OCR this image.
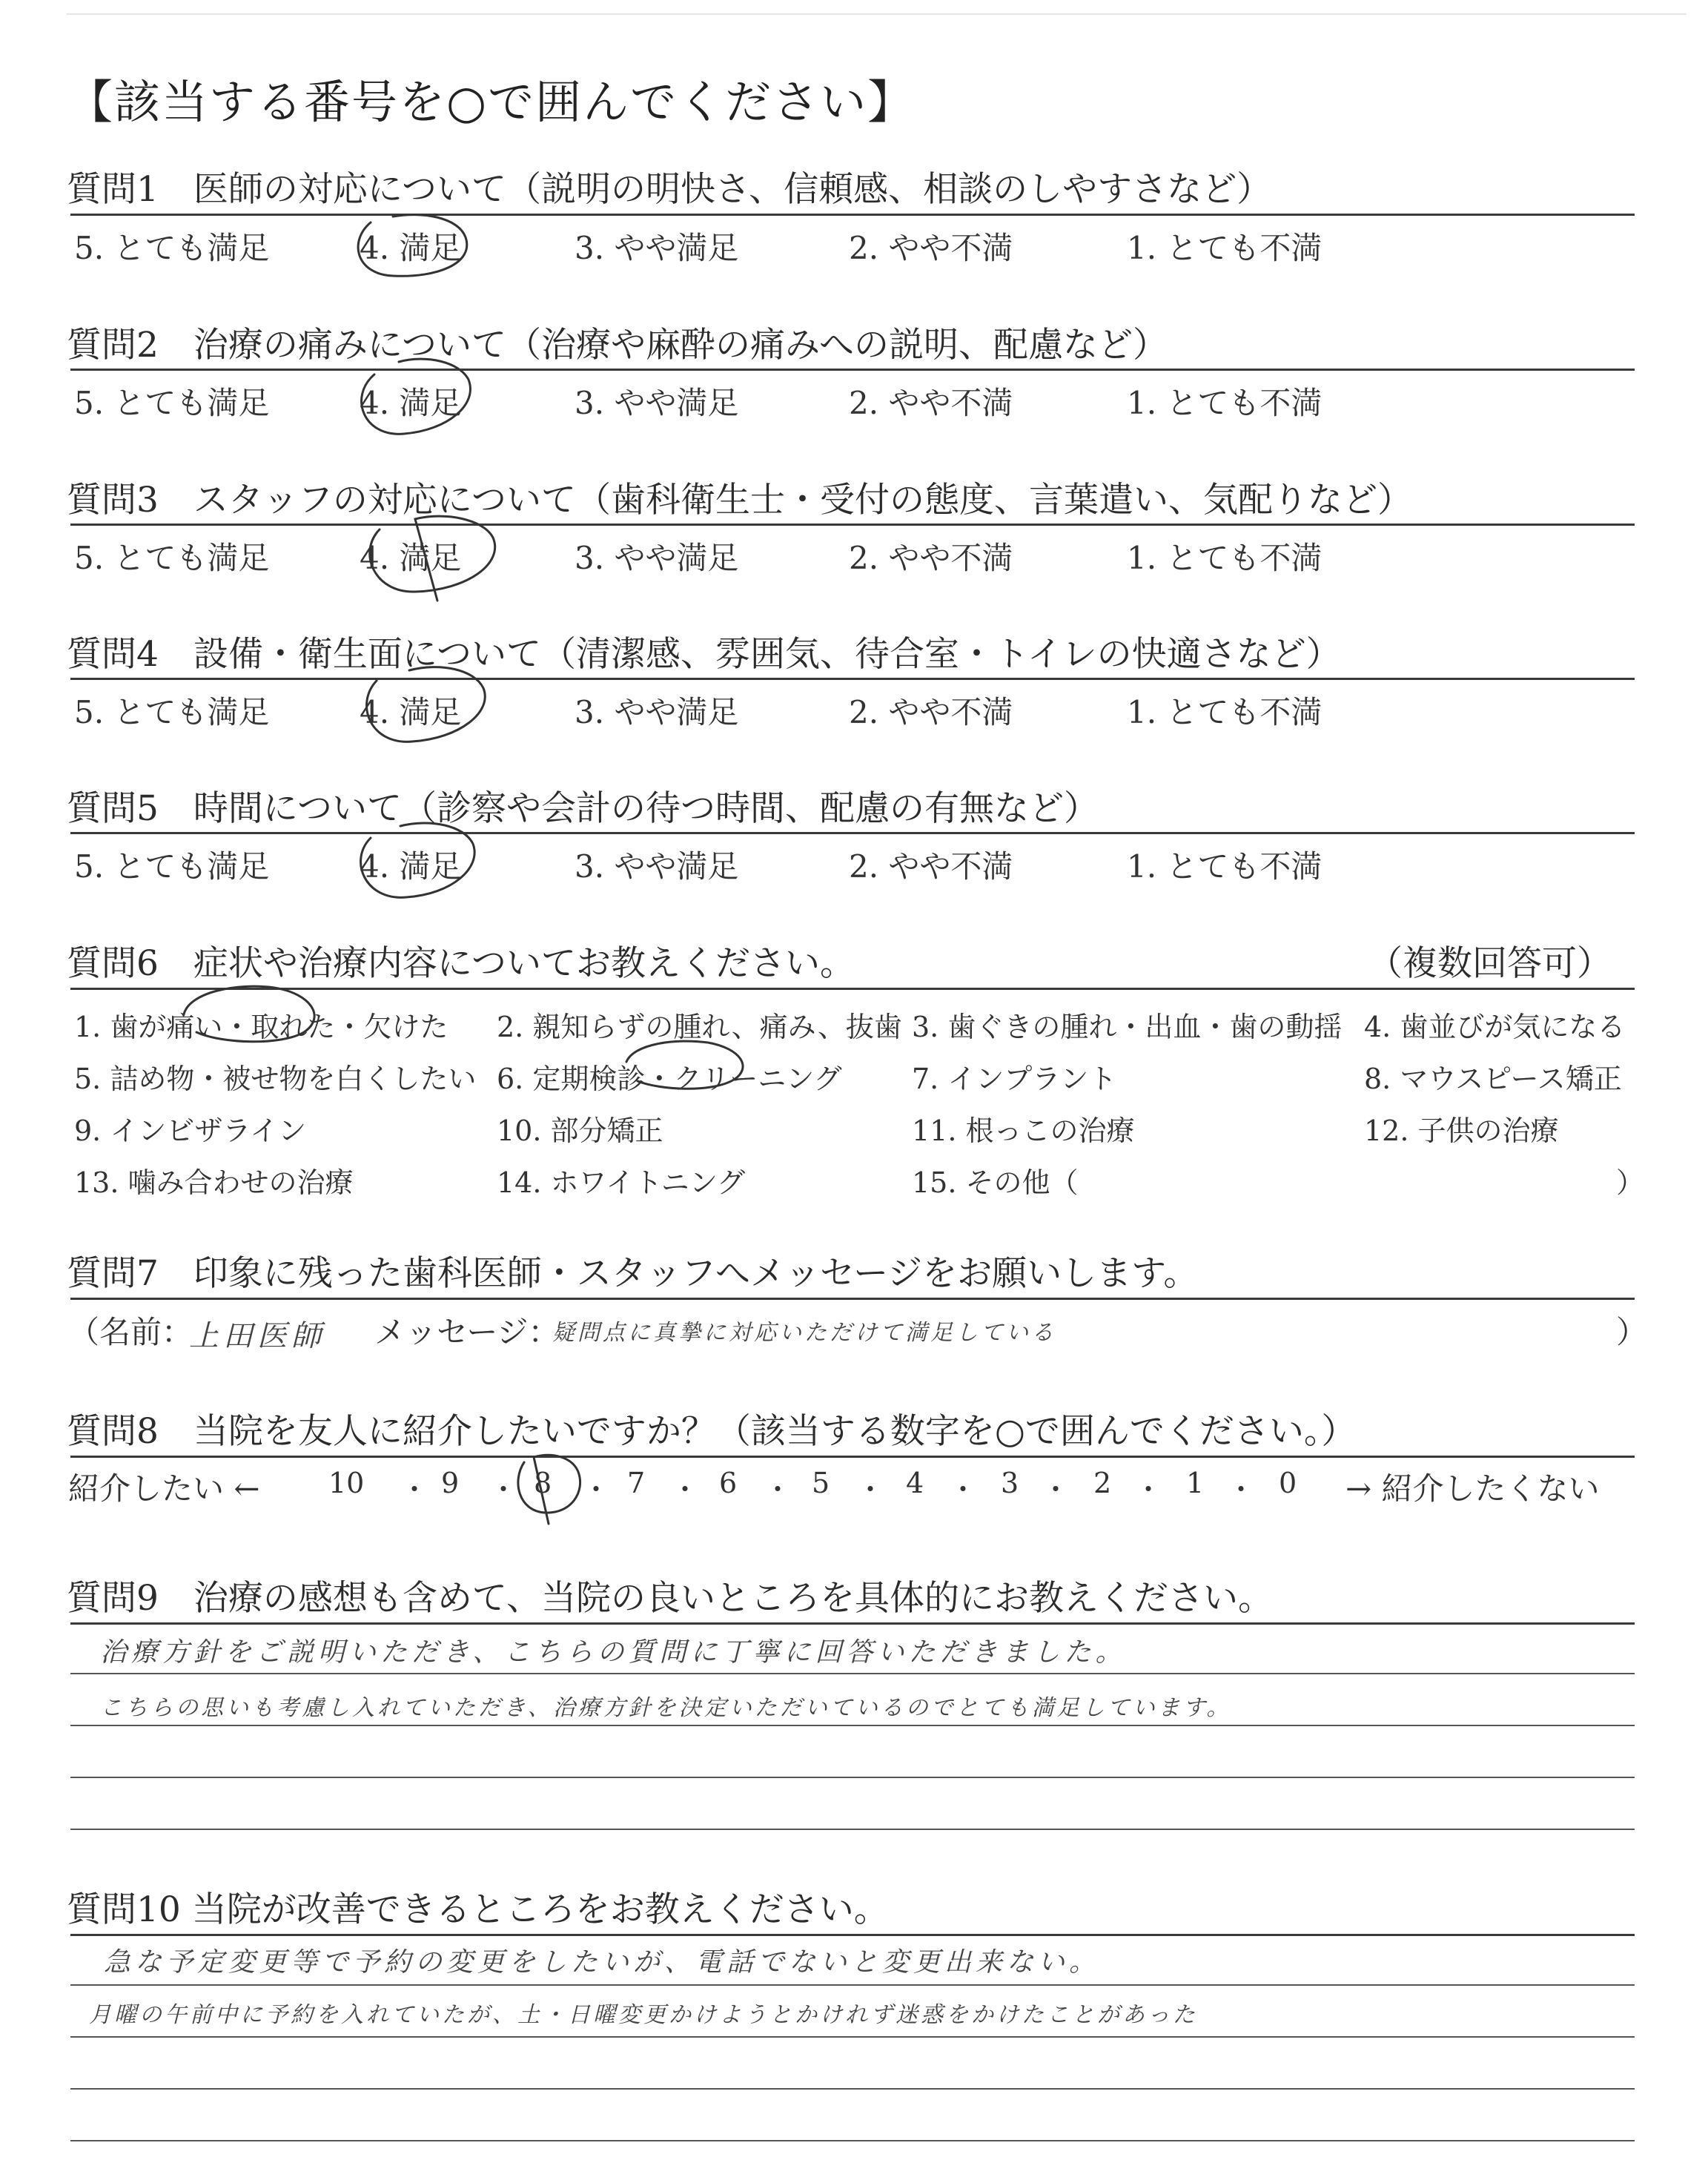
【該当する番号を○で囲んでください】
質問1　医師の対応について（説明の明快さ、信頼感、相談のしやすさなど）
5. とても満足	4. 満足	3. やや満足	2. やや不満	1. とても不満
質問2　治療の痛みについて（治療や麻酔の痛みへの説明、配慮など）
5. とても満足	4. 満足	3. やや満足	2. やや不満	1. とても不満
質問3　スタッフの対応について（歯科衛生士・受付の態度、言葉遣い、気配りなど）
5. とても満足	4. 満足	3. やや満足	2. やや不満	1. とても不満
質問4　設備・衛生面について（清潔感、雰囲気、待合室・トイレの快適さなど）
5. とても満足	4. 満足	3. やや満足	2. やや不満	1. とても不満
質問5　時間について（診察や会計の待つ時間、配慮の有無など）
5. とても満足	4. 満足	3. やや満足	2. やや不満	1. とても不満
質問6　症状や治療内容についてお教えください。	（複数回答可）
1. 歯が痛い・取れた・欠けた 2. 親知らずの腫れ、痛み、抜歯 3. 歯ぐきの腫れ・出血・歯の動揺 4. 歯並びが気になる
5. 詰め物・被せ物を白くしたい 6. 定期検診・クリーニング 7. インプラント	8. マウスピース矯正
9. インビザライン	10. 部分矯正	11. 根っこの治療	12. 子供の治療
13. 噛み合わせの治療	14. ホワイトニング	15. その他（	）
質問7　印象に残った歯科医師・スタッフへメッセージをお願いします。
（名前：
上田医師 メッセージ：
疑問点に真摯に対応いただけて満足している	）
質問8　当院を友人に紹介したいですか？（該当する数字を○で囲んでください。）
紹介したい ← 10 ・ 9 ・ 8 ・ 7 ・ 6 ・ 5 ・ 4 ・ 3 ・ 2 ・ 1 ・ 0 → 紹介したくない
質問9　治療の感想も含めて、当院の良いところを具体的にお教えください。
治療方針をご説明いただき、こちらの質問に丁寧に回答いただきました。
こちらの思いも考慮し入れていただき、治療方針を決定いただいているのでとても満足しています。
質問10 当院が改善できるところをお教えください。
急な予定変更等で予約の変更をしたいが、電話でないと変更出来ない。
月曜の午前中に予約を入れていたが、土・日曜変更かけようとかけれず迷惑をかけたことがあった
